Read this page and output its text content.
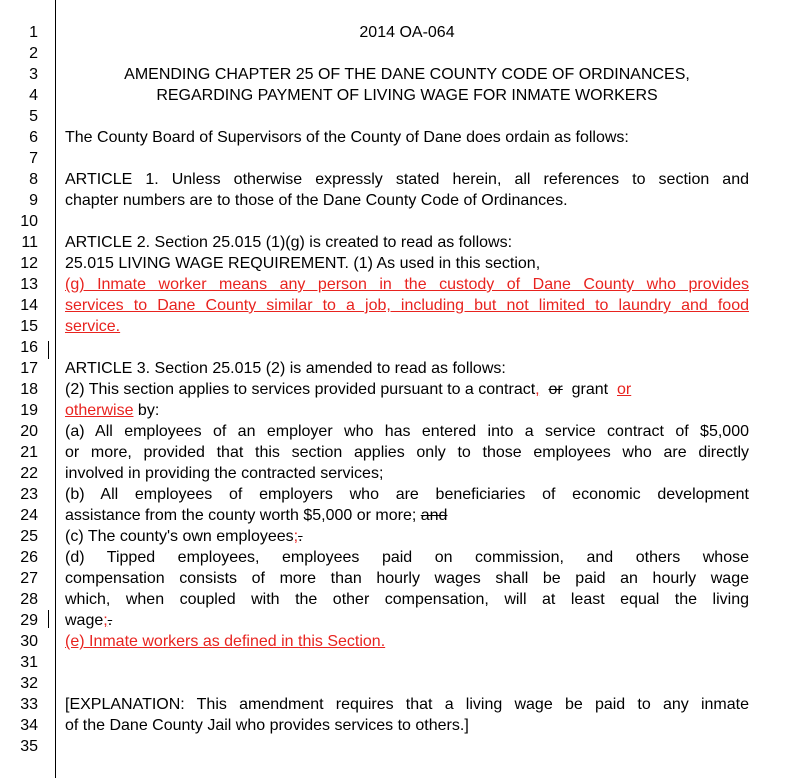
1
2
3
4
5
6
7
8
9
10
11
12
13
14
15
16
17
18
19
20
21
22
23
24
25
26
27
28
29
30
31
32
33
34
35
2014 OA-064
AMENDING CHAPTER 25 OF THE DANE COUNTY CODE OF ORDINANCES,
REGARDING PAYMENT OF LIVING WAGE FOR INMATE WORKERS
The County Board of Supervisors of the County of Dane does ordain as follows:
ARTICLE 1. Unless otherwise expressly stated herein, all references to section and
chapter numbers are to those of the Dane County Code of Ordinances.
ARTICLE 2. Section 25.015 (1)(g) is created to read as follows:
25.015 LIVING WAGE REQUIREMENT. (1) As used in this section,
(g) Inmate worker means any person in the custody of Dane County who provides
services to Dane County similar to a job, including but not limited to laundry and food
service.
ARTICLE 3. Section 25.015 (2) is amended to read as follows:
(2) This section applies to services provided pursuant to a contract, or grant or
otherwise by:
(a) All employees of an employer who has entered into a service contract of $5,000
or more, provided that this section applies only to those employees who are directly
involved in providing the contracted services;
(b) All employees of employers who are beneficiaries of economic development
assistance from the county worth $5,000 or more; and
(c) The county's own employees;.
(d) Tipped employees, employees paid on commission, and others whose
compensation consists of more than hourly wages shall be paid an hourly wage
which, when coupled with the other compensation, will at least equal the living
wage;.
(e) Inmate workers as defined in this Section.
[EXPLANATION: This amendment requires that a living wage be paid to any inmate
of the Dane County Jail who provides services to others.]
